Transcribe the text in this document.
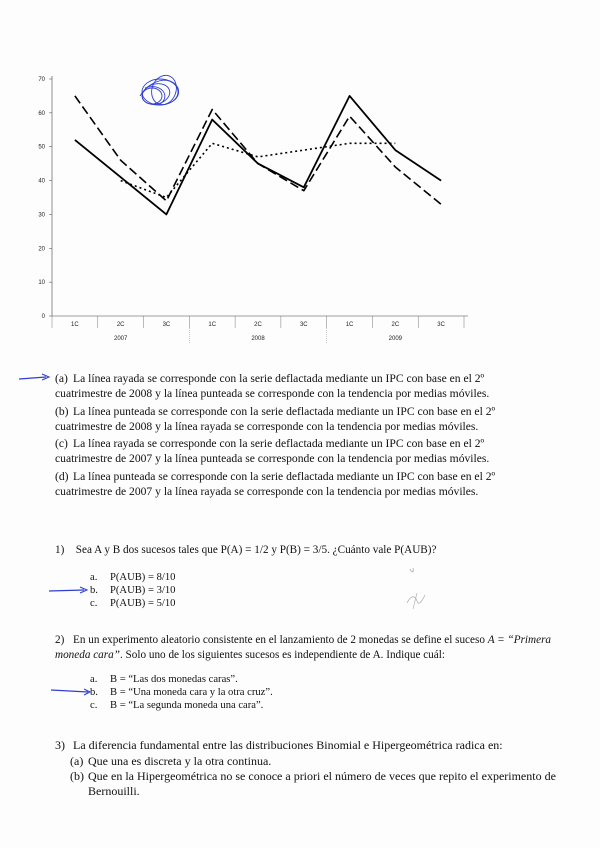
0
10
20
30
40
50
60
70
1C	2C	3C	1C	2C	3C	1C	2C	3C
2007	2008	2009
(a) La línea rayada se corresponde con la serie deflactada mediante un IPC con base en el 2º cuatrimestre de 2008 y la línea punteada se corresponde con la tendencia por medias móviles.
(b) La línea punteada se corresponde con la serie deflactada mediante un IPC con base en el 2º cuatrimestre de 2008 y la línea rayada se corresponde con la tendencia por medias móviles.
(c) La línea rayada se corresponde con la serie deflactada mediante un IPC con base en el 2º cuatrimestre de 2007 y la línea punteada se corresponde con la tendencia por medias móviles.
(d) La línea punteada se corresponde con la serie deflactada mediante un IPC con base en el 2º cuatrimestre de 2007 y la línea rayada se corresponde con la tendencia por medias móviles.
1) Sea A y B dos sucesos tales que P(A) = 1/2 y P(B) = 3/5. ¿Cuánto vale P(AUB)?
a. P(AUB) = 8/10
b. P(AUB) = 3/10
c. P(AUB) = 5/10
2) En un experimento aleatorio consistente en el lanzamiento de 2 monedas se define el suceso A = “Primera moneda cara”. Solo uno de los siguientes sucesos es independiente de A. Indique cuál:
a. B = “Las dos monedas caras”.
b. B = “Una moneda cara y la otra cruz”.
c. B = “La segunda moneda una cara”.
3) La diferencia fundamental entre las distribuciones Binomial e Hipergeométrica radica en:
(a) Que una es discreta y la otra continua.
(b) Que en la Hipergeométrica no se conoce a priori el número de veces que repito el experimento de Bernouilli.
